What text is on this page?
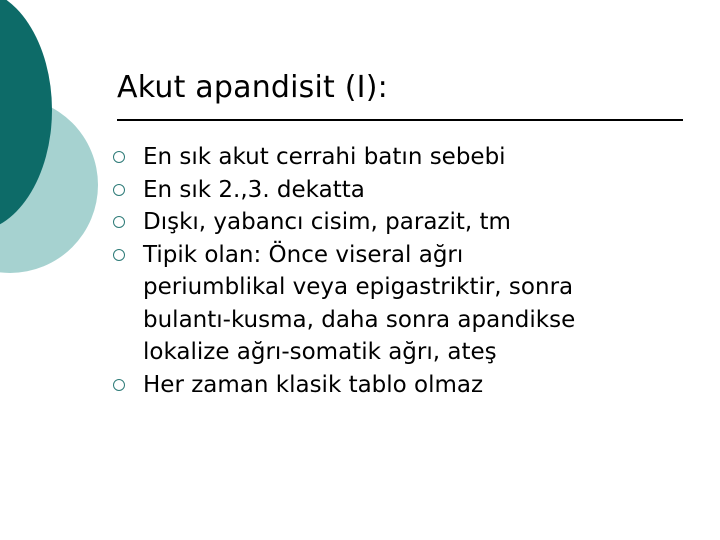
Akut apandisit (I):
En sık akut cerrahi batın sebebi
En sık 2.,3. dekatta
Dışkı, yabancı cisim, parazit, tm
Tipik olan: Önce viseral ağrı
periumblikal veya epigastriktir, sonra
bulantı-kusma, daha sonra apandikse
lokalize ağrı-somatik ağrı, ateş
Her zaman klasik tablo olmaz
